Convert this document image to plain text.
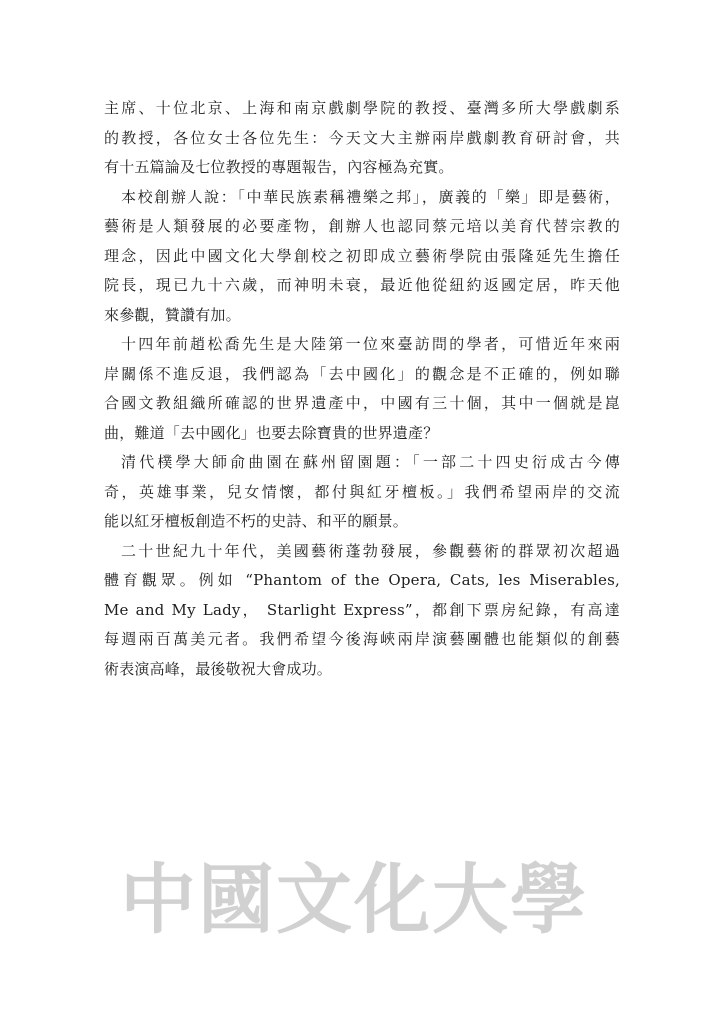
主席、十位北京、上海和南京戲劇學院的教授、臺灣多所大學戲劇系
的教授，各位女士各位先生：今天文大主辦兩岸戲劇教育研討會，共
有十五篇論及七位教授的專題報告，內容極為充實。
本校創辦人說：「中華民族素稱禮樂之邦」，廣義的「樂」即是藝術，
藝術是人類發展的必要產物，創辦人也認同蔡元培以美育代替宗教的
理念，因此中國文化大學創校之初即成立藝術學院由張隆延先生擔任
院長，現已九十六歲，而神明未衰，最近他從紐約返國定居，昨天他
來參觀，贊讚有加。
十四年前趙松喬先生是大陸第一位來臺訪問的學者，可惜近年來兩
岸關係不進反退，我們認為「去中國化」的觀念是不正確的，例如聯
合國文教組織所確認的世界遺產中，中國有三十個，其中一個就是崑
曲，難道「去中國化」也要去除寶貴的世界遺產？
清代樸學大師俞曲園在蘇州留園題：「一部二十四史衍成古今傳
奇，英雄事業，兒女情懷，都付與紅牙檀板。」我們希望兩岸的交流
能以紅牙檀板創造不朽的史詩、和平的願景。
二十世紀九十年代，美國藝術蓬勃發展，參觀藝術的群眾初次超過
體育觀眾。例如 “Phantom of the Opera, Cats, les Miserables,
Me and My Lady， Starlight Express”，都創下票房紀錄，有高達
每週兩百萬美元者。我們希望今後海峽兩岸演藝團體也能類似的創藝
術表演高峰，最後敬祝大會成功。
中國文化大學
